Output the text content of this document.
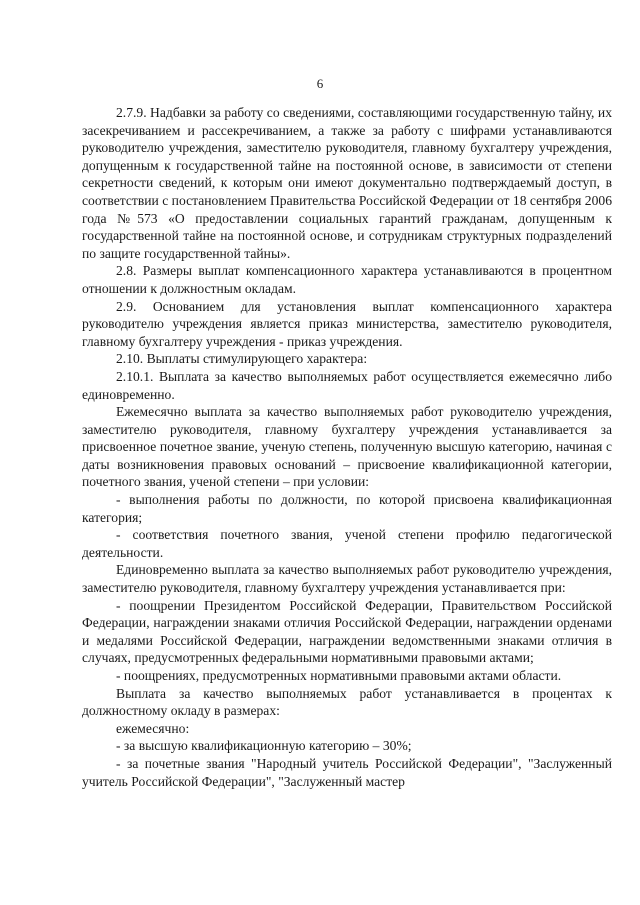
6

2.7.9. Надбавки за работу со сведениями, составляющими государственную тайну, их засекречиванием и рассекречиванием, а также за работу с шифрами устанавливаются руководителю учреждения, заместителю руководителя, главному бухгалтеру учреждения, допущенным к государственной тайне на постоянной основе, в зависимости от степени секретности сведений, к которым они имеют документально подтверждаемый доступ, в соответствии с постановлением Правительства Российской Федерации от 18 сентября 2006 года №573 «О предоставлении социальных гарантий гражданам, допущенным к государственной тайне на постоянной основе, и сотрудникам структурных подразделений по защите государственной тайны».

2.8. Размеры выплат компенсационного характера устанавливаются в процентном отношении к должностным окладам.

2.9. Основанием для установления выплат компенсационного характера руководителю учреждения является приказ министерства, заместителю руководителя, главному бухгалтеру учреждения - приказ учреждения.

2.10. Выплаты стимулирующего характера:

2.10.1. Выплата за качество выполняемых работ осуществляется ежемесячно либо единовременно.

Ежемесячно выплата за качество выполняемых работ руководителю учреждения, заместителю руководителя, главному бухгалтеру учреждения устанавливается за присвоенное почетное звание, ученую степень, полученную высшую категорию, начиная с даты возникновения правовых оснований – присвоение квалификационной категории, почетного звания, ученой степени – при условии:

- выполнения работы по должности, по которой присвоена квалификационная категория;

- соответствия почетного звания, ученой степени профилю педагогической деятельности.

Единовременно выплата за качество выполняемых работ руководителю учреждения, заместителю руководителя, главному бухгалтеру учреждения устанавливается при:

- поощрении Президентом Российской Федерации, Правительством Российской Федерации, награждении знаками отличия Российской Федерации, награждении орденами и медалями Российской Федерации, награждении ведомственными знаками отличия в случаях, предусмотренных федеральными нормативными правовыми актами;

- поощрениях, предусмотренных нормативными правовыми актами области.

Выплата за качество выполняемых работ устанавливается в процентах к должностному окладу в размерах:

ежемесячно:

- за высшую квалификационную категорию – 30%;

- за почетные звания "Народный учитель Российской Федерации", "Заслуженный учитель Российской Федерации", "Заслуженный мастер
